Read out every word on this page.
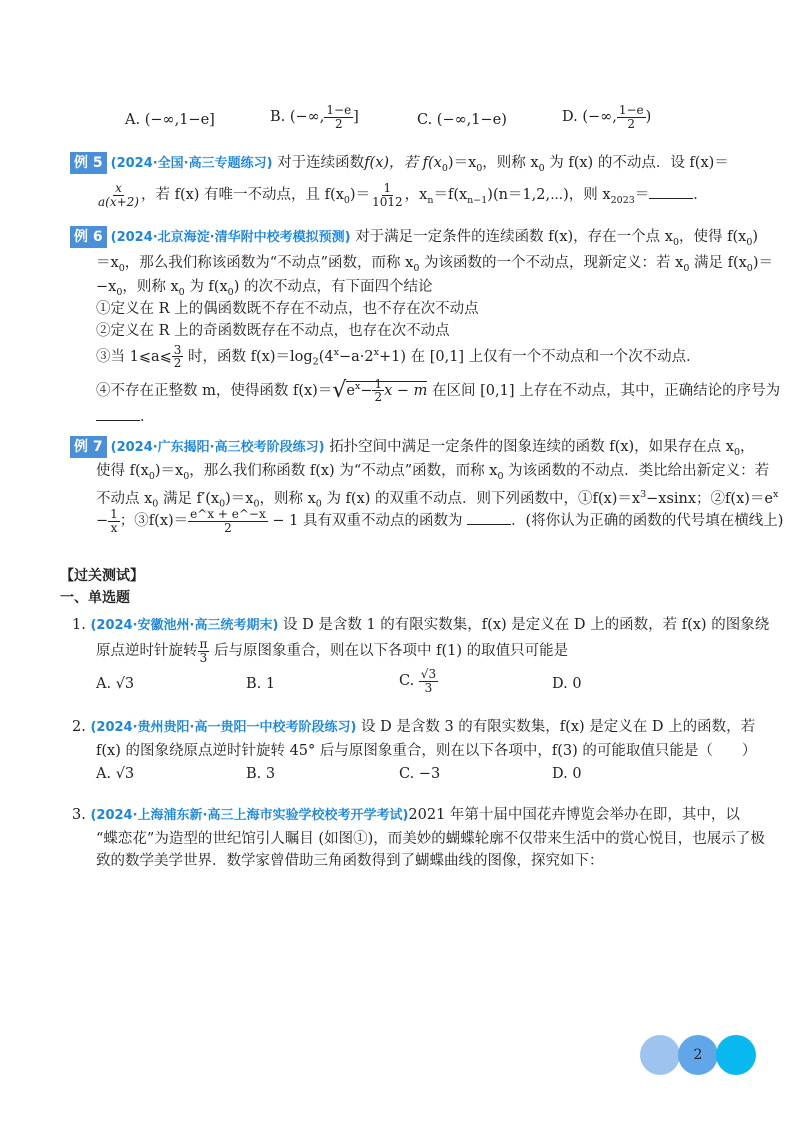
A. (−∞,1−e]	B. (−∞, $\frac{1-e}{2}$ ]	C. (−∞,1−e)	D. (−∞, $\frac{1-e}{2}$ )
例 5 (2024·全国·高三专题练习) 对于连续函数f(x)，若 $f(x_0)=x_0$，则称 $x_0$ 为 f(x) 的不动点．设 f(x)＝
$\frac{x}{a(x+2)}$ ，若 f(x) 有唯一不动点，且 $f(x_0)= \frac{1}{1012}$ ，$x_n=f(x_{n-1})(n=1,2,\cdots)$，则 $x_{2023}=$	．
例 6 (2024·北京海淀·清华附中校考模拟预测) 对于满足一定条件的连续函数 f(x)，存在一个点 $x_0$，使得 $f(x_0)$
$=x_0$，那么我们称该函数为“不动点”函数，而称 $x_0$ 为该函数的一个不动点，现新定义：若 $x_0$ 满足 $f(x_0)=$
$-x_0$，则称 $x_0$ 为 $f(x_0)$ 的次不动点，有下面四个结论
①定义在 R 上的偶函数既不存在不动点，也不存在次不动点
②定义在 R 上的奇函数既存在不动点，也存在次不动点
③当 1⩽a⩽ $\frac{3}{2}$ 时，函数 $f(x)=\log_2(4^x-a\cdot 2^x+1)$ 在 [0,1] 上仅有一个不动点和一个次不动点．
④不存在正整数 m，使得函数 $f(x)=√e^x- \frac{1}{2}$ x − m 在区间 [0,1] 上存在不动点，其中，正确结论的序号为
．
例 7 (2024·广东揭阳·高三校考阶段练习) 拓扑空间中满足一定条件的图象连续的函数 f(x)，如果存在点 $x_0$，
使得 $f(x_0)=x_0$，那么我们称函数 f(x) 为“不动点”函数，而称 $x_0$ 为该函数的不动点．类比给出新定义：若
不动点 $x_0$ 满足 $f'(x_0)=x_0$，则称 $x_0$ 为 f(x) 的双重不动点．则下列函数中，$①f(x)=x^3-xsinx$；$②f(x)=e^x$
− $\frac{1}{x}$ ；③f(x)＝ $\frac{e\^{}x + e\^{}-x}{2} - 1$ 具有双重不动点的函数为	．(将你认为正确的函数的代号填在横线上)
【过关测试】
一、单选题
1. (2024·安徽池州·高三统考期末) 设 D 是含数 1 的有限实数集，f(x) 是定义在 D 上的函数，若 f(x) 的图象绕
原点逆时针旋转 $\frac{\pi}{3}$ 后与原图象重合，则在以下各项中 f(1) 的取值只可能是
A. √3	B. 1	C. $\frac{√3}{3}$	D. 0
2. (2024·贵州贵阳·高一贵阳一中校考阶段练习) 设 D 是含数 3 的有限实数集，f(x) 是定义在 D 上的函数，若
f(x) 的图象绕原点逆时针旋转 45° 后与原图象重合，则在以下各项中，f(3) 的可能取值只能是（　　）
A. √3	B. 3	C. −3	D. 0
3. (2024·上海浦东新·高三上海市实验学校校考开学考试)2021 年第十届中国花卉博览会举办在即，其中，以
“蝶恋花”为造型的世纪馆引人瞩目 (如图①)，而美妙的蝴蝶轮廓不仅带来生活中的赏心悦目，也展示了极
致的数学美学世界．数学家曾借助三角函数得到了蝴蝶曲线的图像，探究如下：
2
